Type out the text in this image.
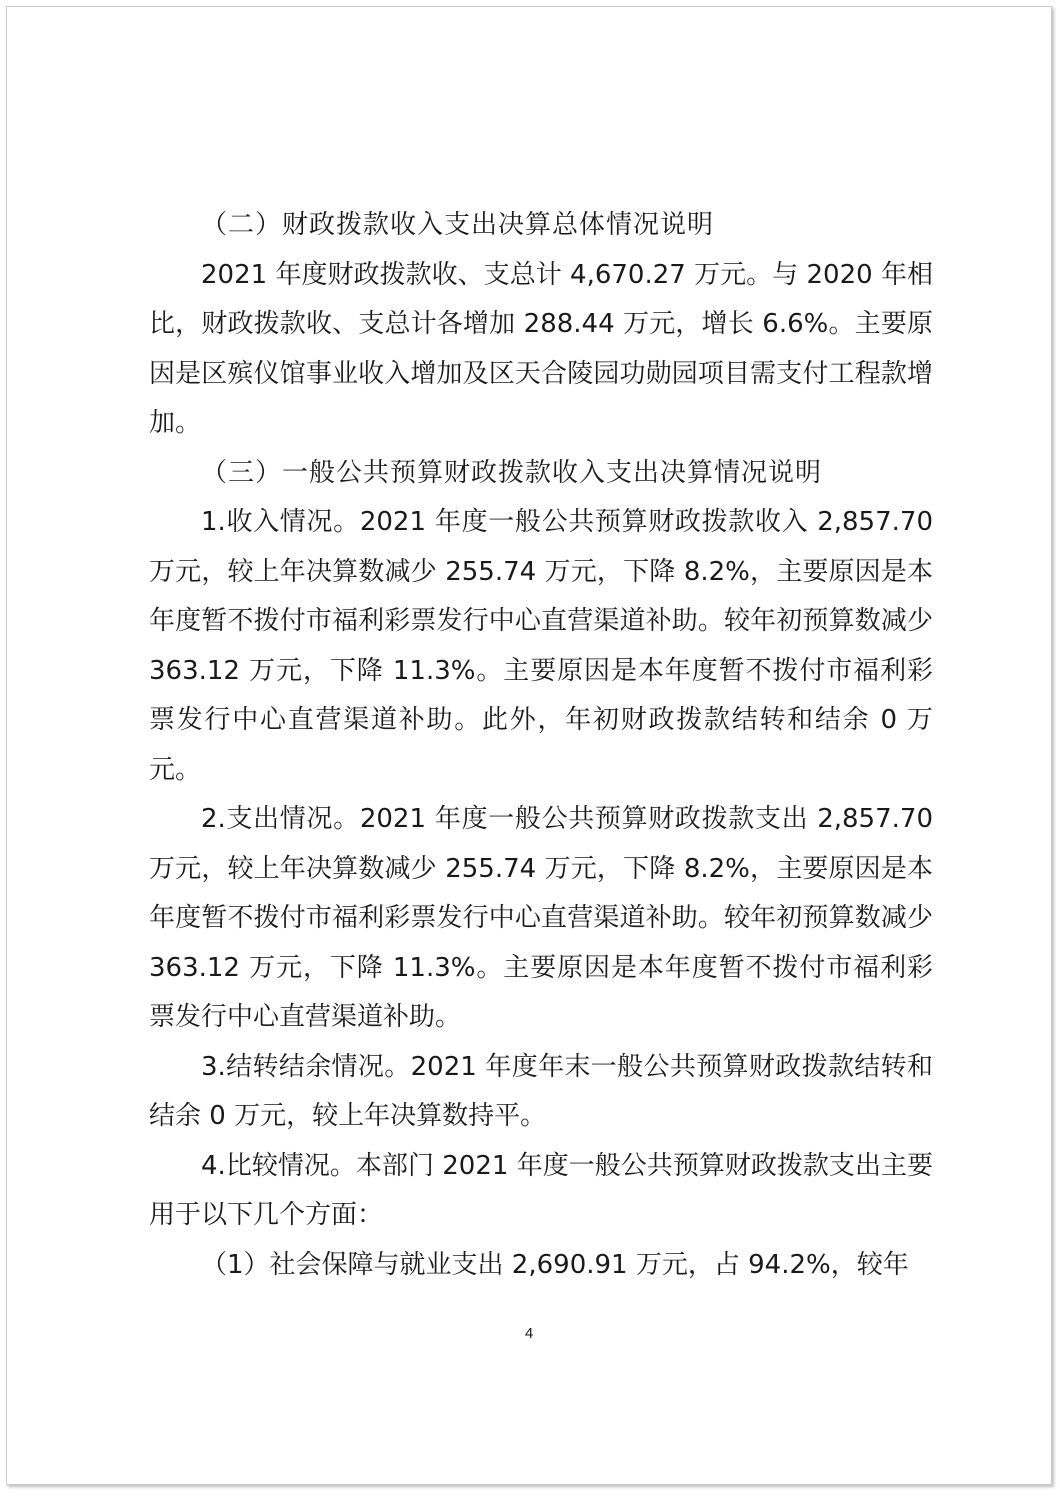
（二）财政拨款收入支出决算总体情况说明

2021 年度财政拨款收、支总计 4,670.27 万元。与 2020 年相比，财政拨款收、支总计各增加 288.44 万元，增长 6.6%。主要原因是区殡仪馆事业收入增加及区天合陵园功勋园项目需支付工程款增加。

（三）一般公共预算财政拨款收入支出决算情况说明

1.收入情况。2021 年度一般公共预算财政拨款收入 2,857.70 万元，较上年决算数减少 255.74 万元，下降 8.2%，主要原因是本年度暂不拨付市福利彩票发行中心直营渠道补助。较年初预算数减少 363.12 万元，下降 11.3%。主要原因是本年度暂不拨付市福利彩票发行中心直营渠道补助。此外，年初财政拨款结转和结余 0 万元。

2.支出情况。2021 年度一般公共预算财政拨款支出 2,857.70 万元，较上年决算数减少 255.74 万元，下降 8.2%，主要原因是本年度暂不拨付市福利彩票发行中心直营渠道补助。较年初预算数减少 363.12 万元，下降 11.3%。主要原因是本年度暂不拨付市福利彩票发行中心直营渠道补助。

3.结转结余情况。2021 年度年末一般公共预算财政拨款结转和结余 0 万元，较上年决算数持平。

4.比较情况。本部门 2021 年度一般公共预算财政拨款支出主要用于以下几个方面：

（1）社会保障与就业支出 2,690.91 万元，占 94.2%，较年

4
